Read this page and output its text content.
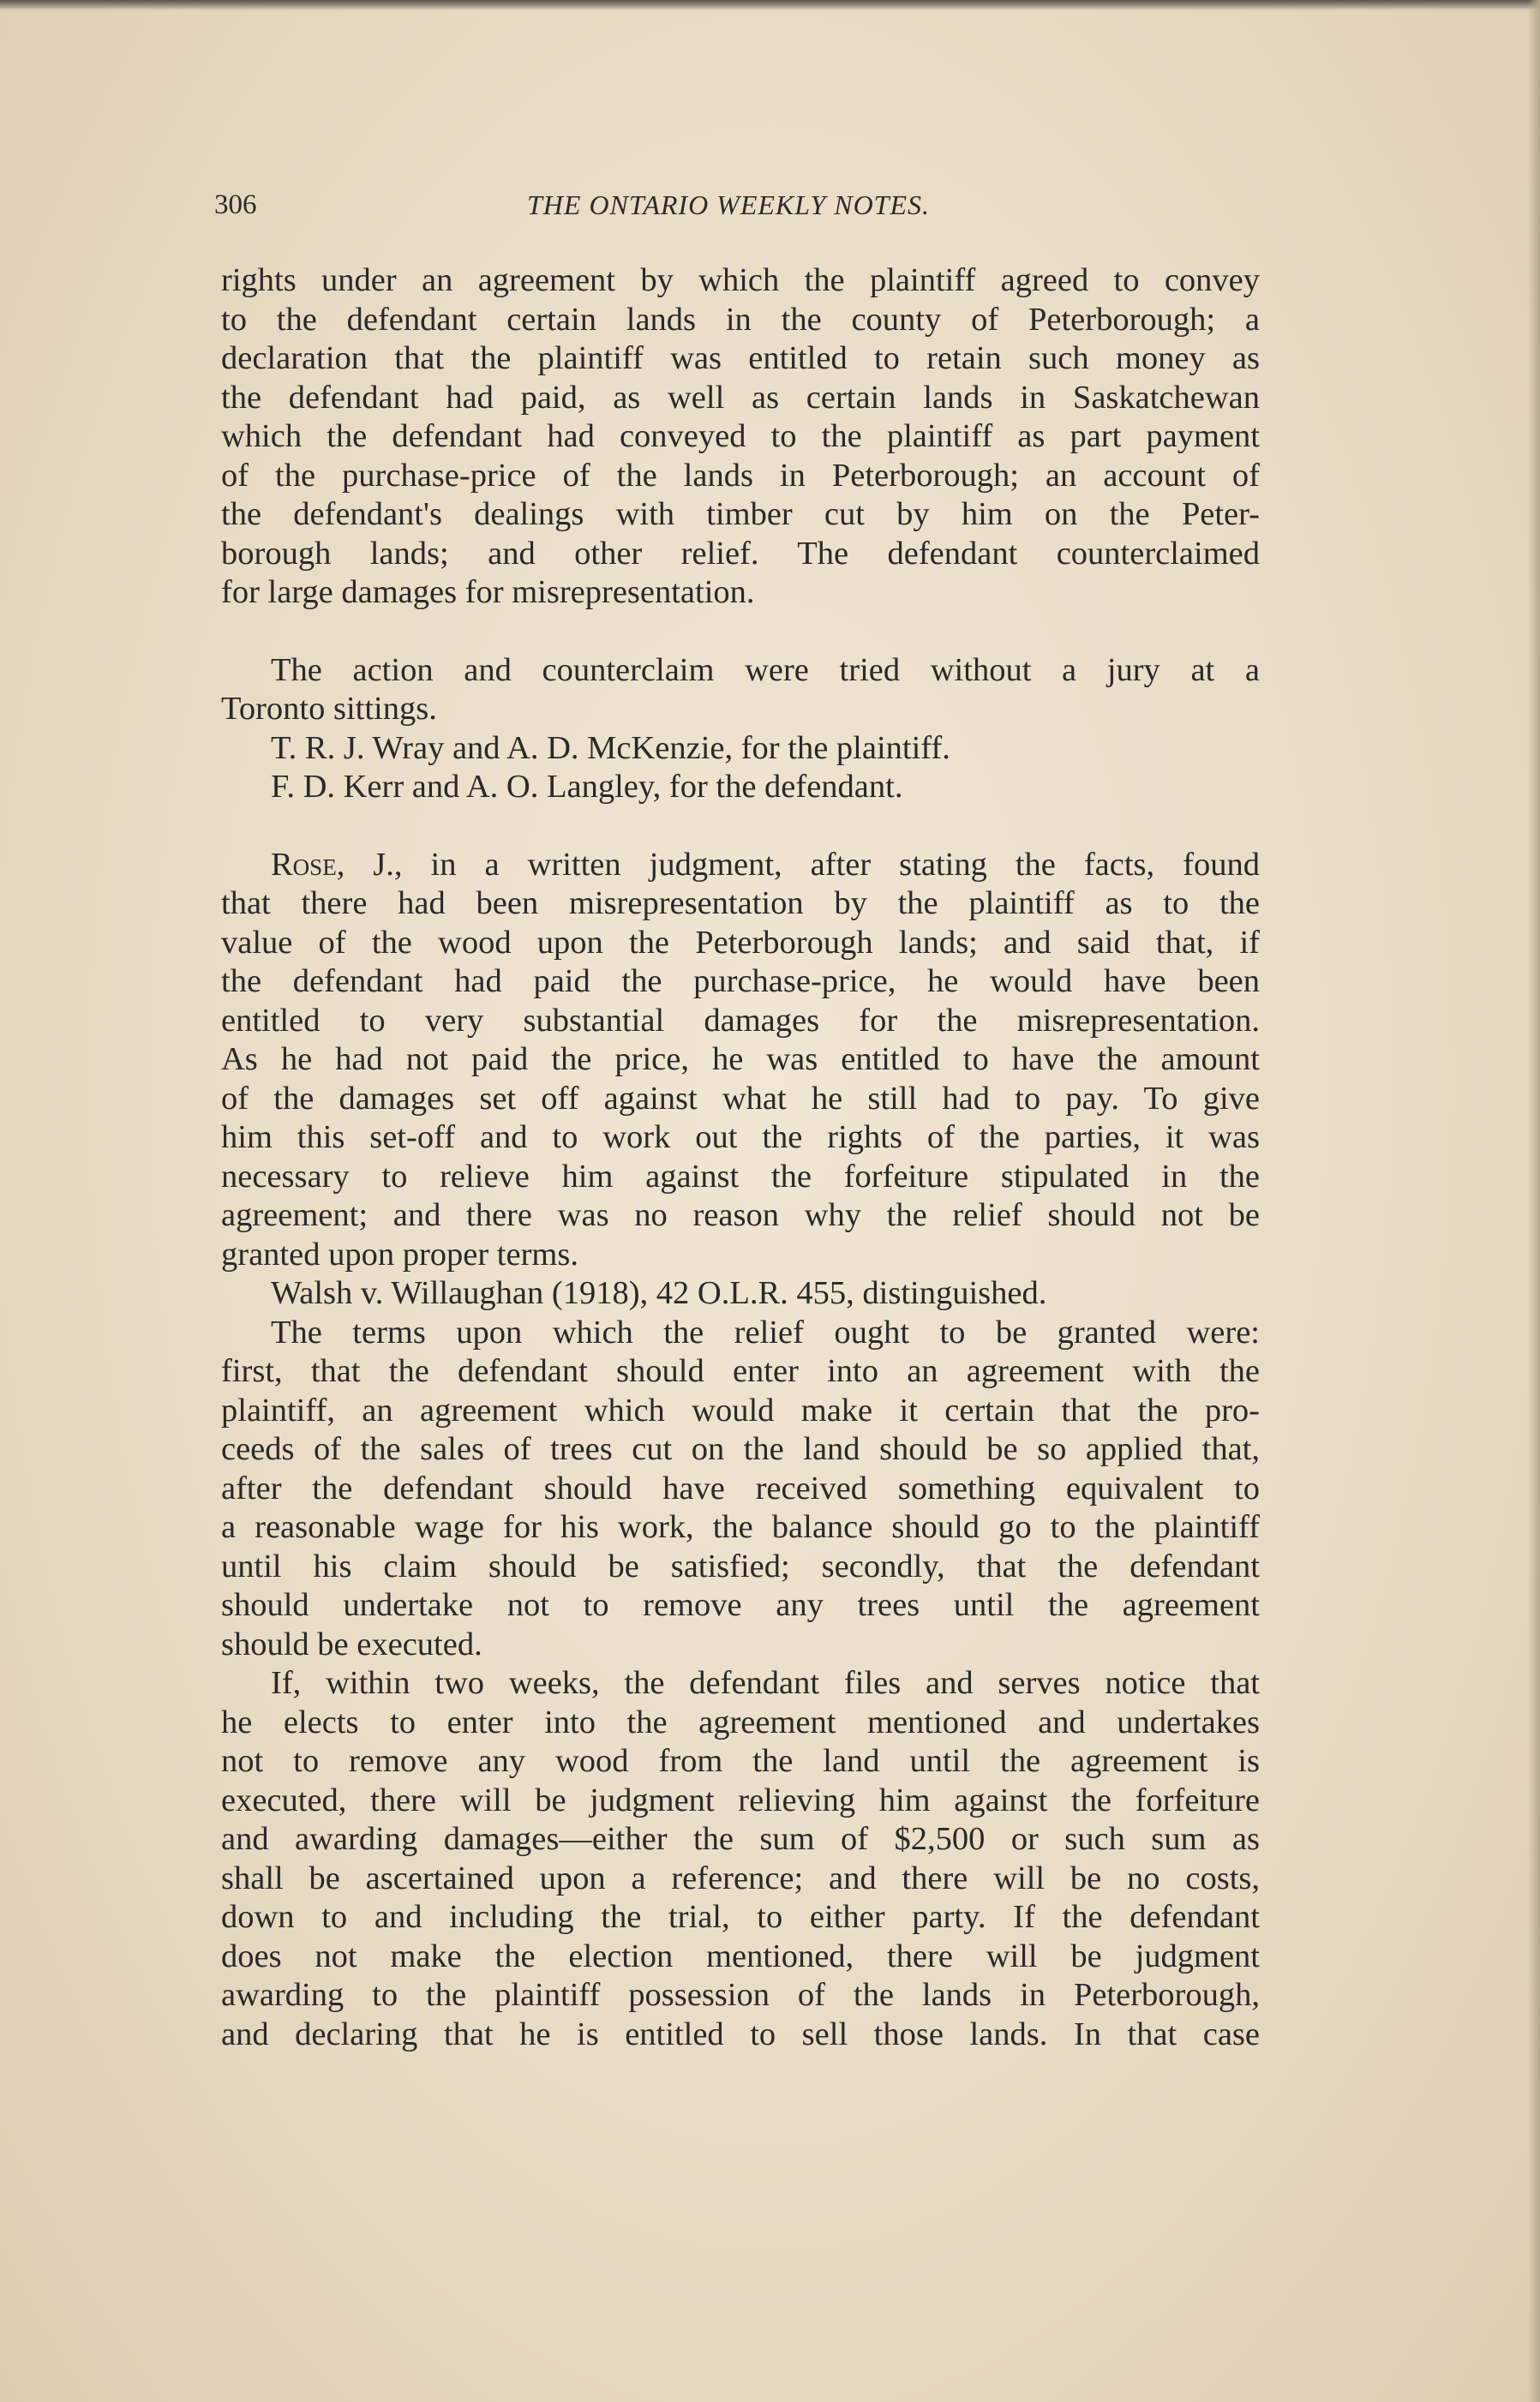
306	THE ONTARIO WEEKLY NOTES.
rights under an agreement by which the plaintiff agreed to convey
to the defendant certain lands in the county of Peterborough; a
declaration that the plaintiff was entitled to retain such money as
the defendant had paid, as well as certain lands in Saskatchewan
which the defendant had conveyed to the plaintiff as part payment
of the purchase-price of the lands in Peterborough; an account of
the defendant's dealings with timber cut by him on the Peter-
borough lands; and other relief. The defendant counterclaimed
for large damages for misrepresentation.
The action and counterclaim were tried without a jury at a
Toronto sittings.
T. R. J. Wray and A. D. McKenzie, for the plaintiff.
F. D. Kerr and A. O. Langley, for the defendant.
Rose, J., in a written judgment, after stating the facts, found
that there had been misrepresentation by the plaintiff as to the
value of the wood upon the Peterborough lands; and said that, if
the defendant had paid the purchase-price, he would have been
entitled to very substantial damages for the misrepresentation.
As he had not paid the price, he was entitled to have the amount
of the damages set off against what he still had to pay. To give
him this set-off and to work out the rights of the parties, it was
necessary to relieve him against the forfeiture stipulated in the
agreement; and there was no reason why the relief should not be
granted upon proper terms.
Walsh v. Willaughan (1918), 42 O.L.R. 455, distinguished.
The terms upon which the relief ought to be granted were:
first, that the defendant should enter into an agreement with the
plaintiff, an agreement which would make it certain that the pro-
ceeds of the sales of trees cut on the land should be so applied that,
after the defendant should have received something equivalent to
a reasonable wage for his work, the balance should go to the plaintiff
until his claim should be satisfied; secondly, that the defendant
should undertake not to remove any trees until the agreement
should be executed.
If, within two weeks, the defendant files and serves notice that
he elects to enter into the agreement mentioned and undertakes
not to remove any wood from the land until the agreement is
executed, there will be judgment relieving him against the forfeiture
and awarding damages—either the sum of $2,500 or such sum as
shall be ascertained upon a reference; and there will be no costs,
down to and including the trial, to either party. If the defendant
does not make the election mentioned, there will be judgment
awarding to the plaintiff possession of the lands in Peterborough,
and declaring that he is entitled to sell those lands. In that case
